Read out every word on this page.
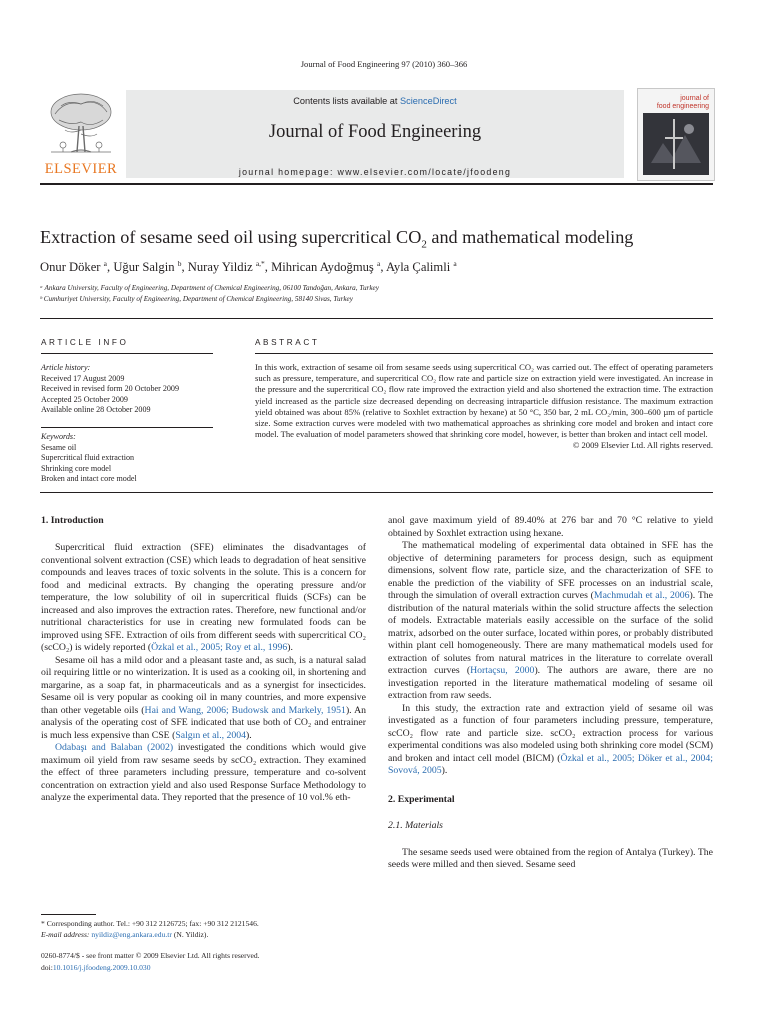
Journal of Food Engineering 97 (2010) 360–366
ELSEVIER
Contents lists available at ScienceDirect
Journal of Food Engineering
journal homepage: www.elsevier.com/locate/jfoodeng
journal of
food engineering
Extraction of sesame seed oil using supercritical $CO_2$ and mathematical modeling
Onur Döker $^a$, Uğur Salgin $^b$, Nuray Yildiz $^{a,*}$, Mihrican Aydoğmuş $^a$, Ayla Çalimli $^a$
ᵃ Ankara University, Faculty of Engineering, Department of Chemical Engineering, 06100 Tandoğan, Ankara, Turkey
ᵇ Cumhuriyet University, Faculty of Engineering, Department of Chemical Engineering, 58140 Sivas, Turkey
ARTICLE INFO
Article history:
Received 17 August 2009
Received in revised form 20 October 2009
Accepted 25 October 2009
Available online 28 October 2009
Keywords:
Sesame oil
Supercritical fluid extraction
Shrinking core model
Broken and intact core model
ABSTRACT

In this work, extraction of sesame oil from sesame seeds using supercritical CO₂ was carried out. The effect of operating parameters such as pressure, temperature, and supercritical CO₂ flow rate and particle size on extraction yield were investigated. An increase in the pressure and the supercritical CO₂ flow rate improved the extraction yield and also shortened the extraction time. The extraction yield increased as the particle size decreased depending on decreasing intraparticle diffusion resistance. The maximum extraction yield obtained was about 85% (relative to Soxhlet extraction by hexane) at 50 °C, 350 bar, 2 mL CO₂/min, 300–600 µm of particle size. Some extraction curves were modeled with two mathematical approaches as shrinking core model and broken and intact core model. The evaluation of model parameters showed that shrinking core model, however, is better than broken and intact cell model.

© 2009 Elsevier Ltd. All rights reserved.
1. Introduction

Supercritical fluid extraction (SFE) eliminates the disadvantages of conventional solvent extraction (CSE) which leads to degradation of heat sensitive compounds and leaves traces of toxic solvents in the solute. This is a concern for food and medicinal extracts. By changing the operating pressure and/or temperature, the low solubility of oil in supercritical fluids (SCFs) can be increased and also improves the extraction rates. Therefore, new functional and/or nutritional characteristics for use in creating new formulated foods can be improved using SFE. Extraction of oils from different seeds with supercritical CO₂ (scCO₂) is widely reported (Özkal et al., 2005; Roy et al., 1996).

Sesame oil has a mild odor and a pleasant taste and, as such, is a natural salad oil requiring little or no winterization. It is used as a cooking oil, in shortening and margarine, as a soap fat, in pharmaceuticals and as a synergist for insecticides. Sesame oil is very popular as cooking oil in many countries, and more expensive than other vegetable oils (Hai and Wang, 2006; Budowsk and Markely, 1951). An analysis of the operating cost of SFE indicated that use both of CO₂ and entrainer is much less expensive than CSE (Salgın et al., 2004).

Odabaşı and Balaban (2002) investigated the conditions which would give maximum oil yield from raw sesame seeds by scCO₂ extraction. They examined the effect of three parameters including pressure, temperature and co-solvent concentration on extraction yield and also used Response Surface Methodology to analyze the experimental data. They reported that the presence of 10 vol.% eth-

anol gave maximum yield of 89.40% at 276 bar and 70 °C relative to yield obtained by Soxhlet extraction using hexane.

The mathematical modeling of experimental data obtained in SFE has the objective of determining parameters for process design, such as equipment dimensions, solvent flow rate, particle size, and the characterization of SFE to enable the prediction of the viability of SFE processes on an industrial scale, through the simulation of overall extraction curves (Machmudah et al., 2006). The distribution of the natural materials within the solid structure affects the selection of models. Extractable materials easily accessible on the surface of the solid matrix, adsorbed on the outer surface, located within pores, or probably distributed within plant cell homogeneously. There are many mathematical models used for extraction of solutes from natural matrices in the literature to correlate overall extraction curves (Hortaçsu, 2000). The authors are aware, there are no investigation reported in the literature mathematical modeling of sesame oil extraction from raw seeds.

In this study, the extraction rate and extraction yield of sesame oil was investigated as a function of four parameters including pressure, temperature, scCO₂ flow rate and particle size. scCO₂ extraction process for various experimental conditions was also modeled using both shrinking core model (SCM) and broken and intact cell model (BICM) (Özkal et al., 2005; Döker et al., 2004; Sovová, 2005).

2. Experimental
2.1. Materials

The sesame seeds used were obtained from the region of Antalya (Turkey). The seeds were milled and then sieved. Sesame seed

* Corresponding author. Tel.: +90 312 2126725; fax: +90 312 2121546.
E-mail address: nyildiz@eng.ankara.edu.tr (N. Yildiz).
0260-8774/$ - see front matter © 2009 Elsevier Ltd. All rights reserved.
doi:10.1016/j.jfoodeng.2009.10.030
